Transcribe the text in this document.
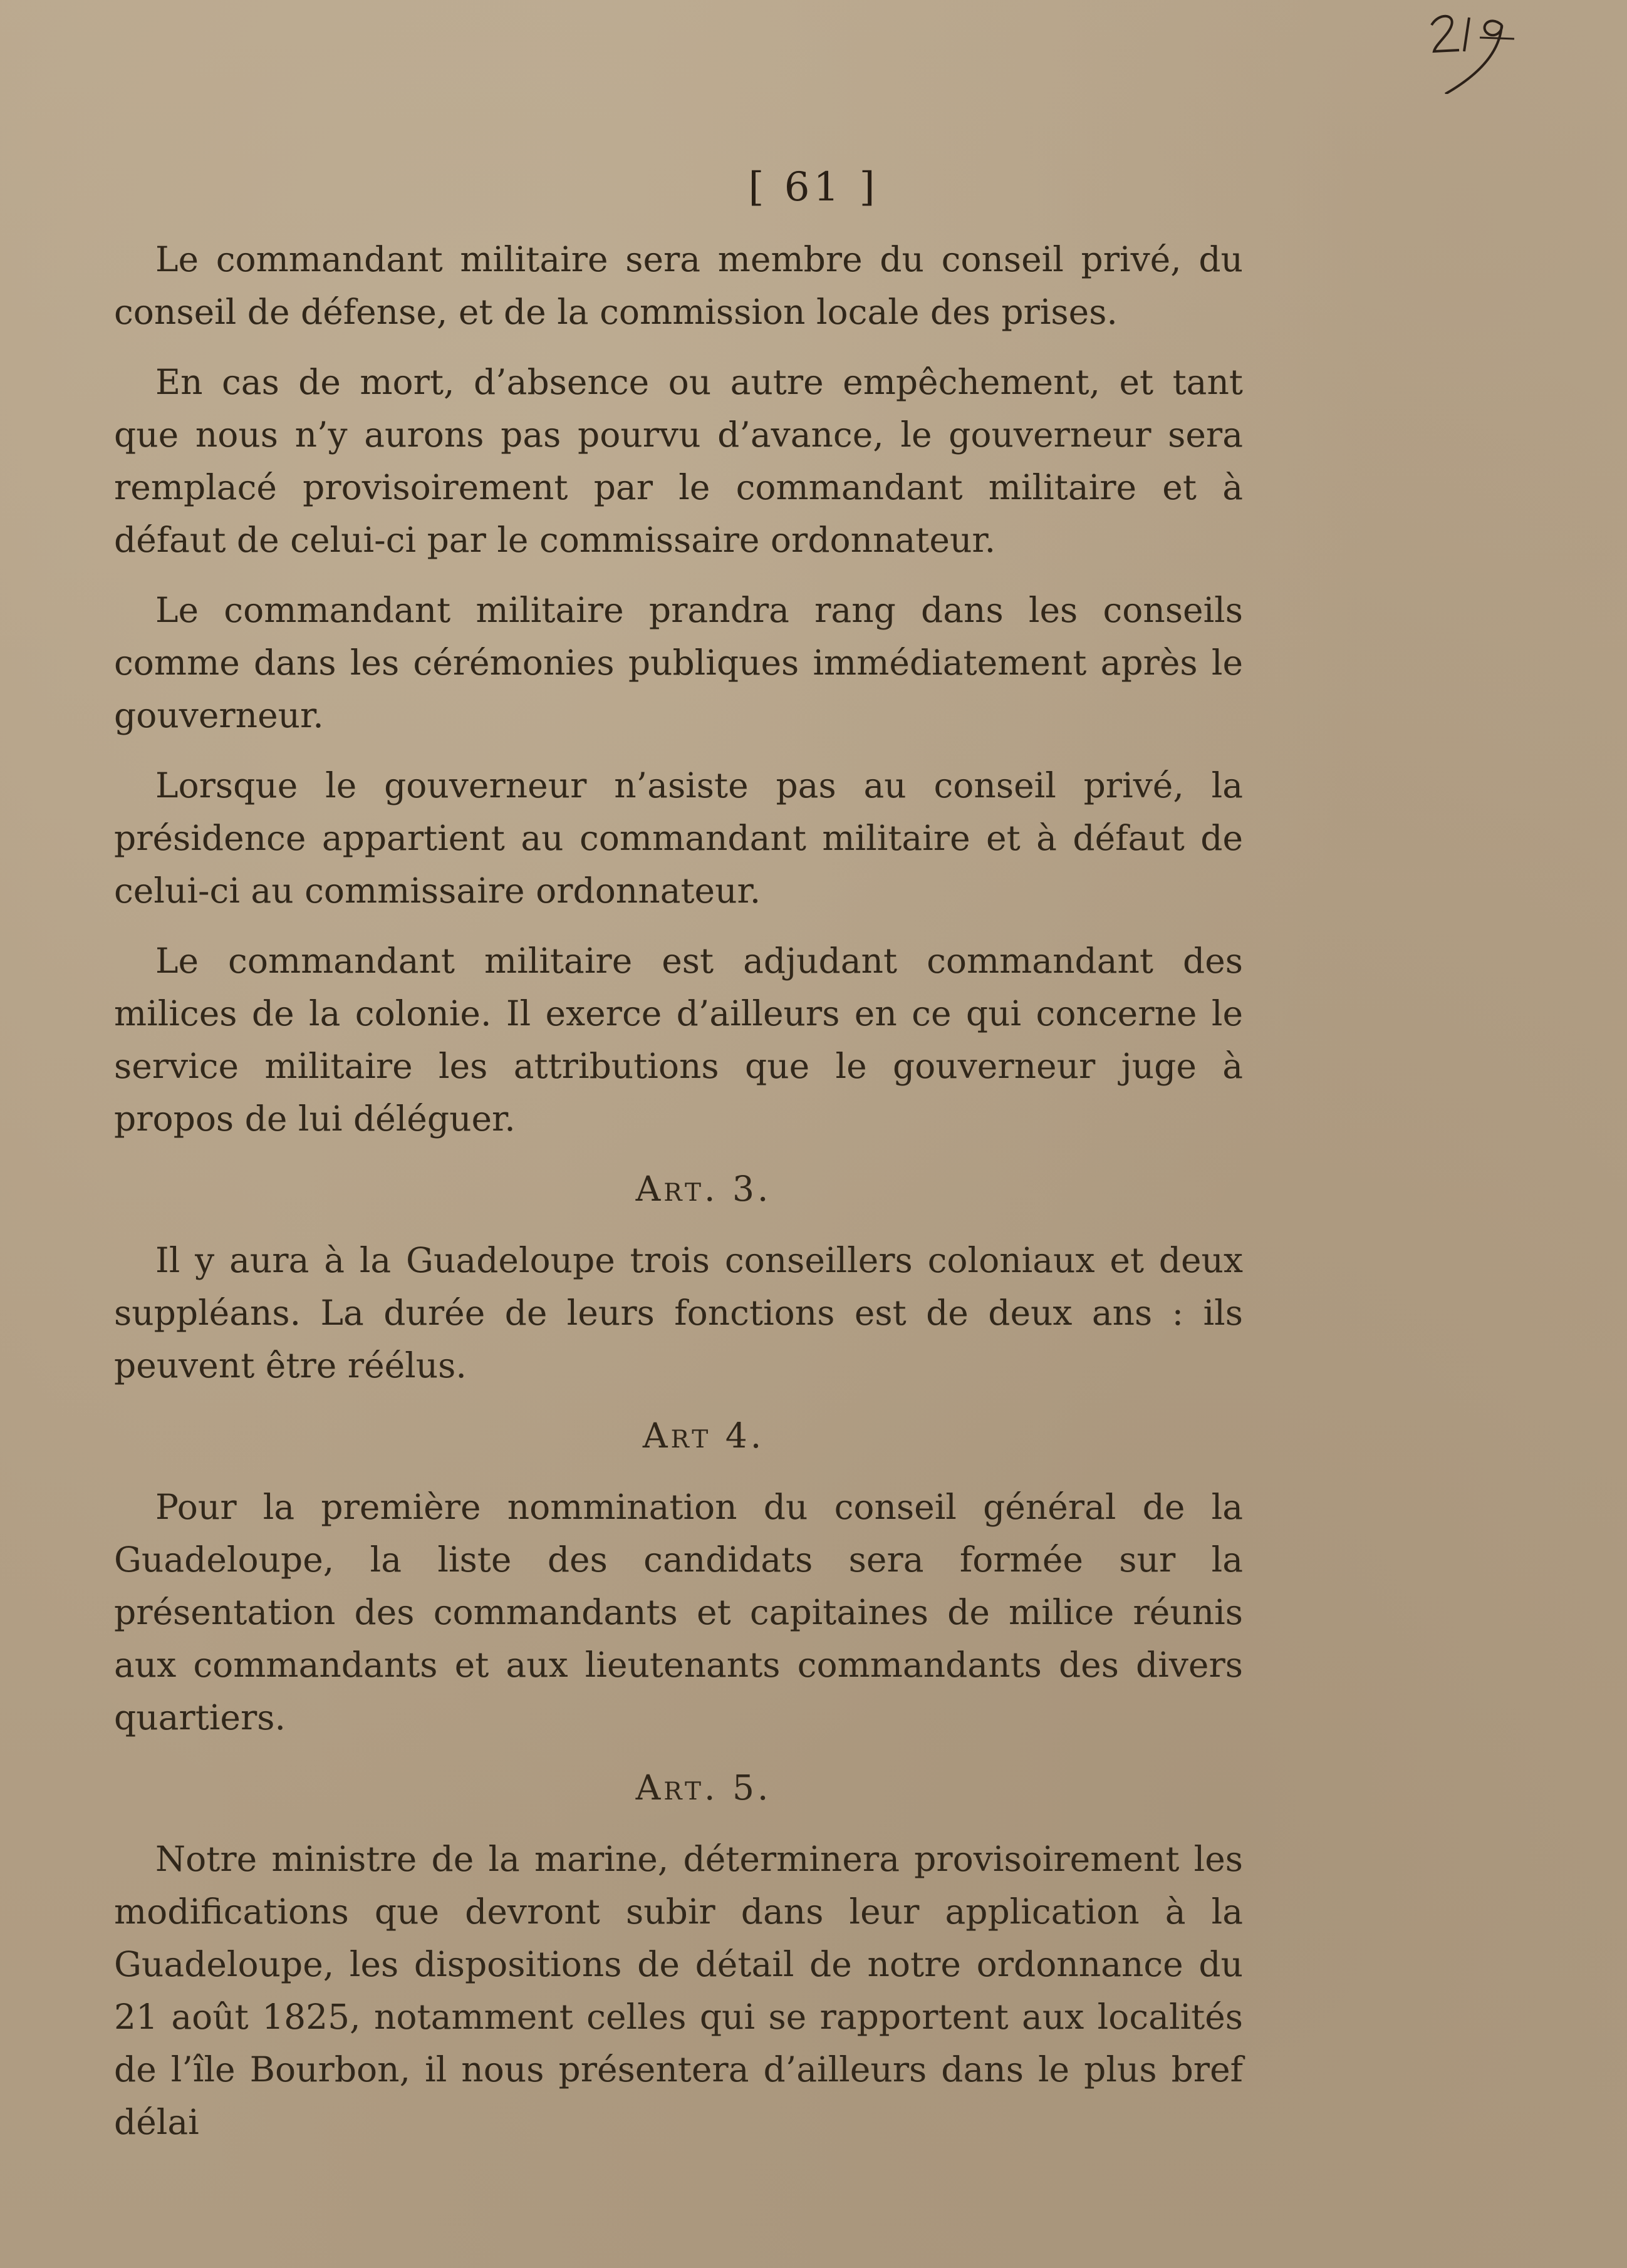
[ 61 ]

Le commandant militaire sera membre du conseil privé, du conseil de défense, et de la commission locale des prises.

En cas de mort, d’absence ou autre empêchement, et tant que nous n’y aurons pas pourvu d’avance, le gouverneur sera remplacé provisoirement par le commandant militaire et à défaut de celui-ci par le commissaire ordonnateur.

Le commandant militaire prandra rang dans les conseils comme dans les cérémonies publiques immédiatement après le gouverneur.

Lorsque le gouverneur n’asiste pas au conseil privé, la présidence appartient au commandant militaire et à défaut de celui-ci au commissaire ordonnateur.

Le commandant militaire est adjudant commandant des milices de la colonie. Il exerce d’ailleurs en ce qui concerne le service militaire les attributions que le gouverneur juge à propos de lui déléguer.

Art. 3.

Il y aura à la Guadeloupe trois conseillers coloniaux et deux suppléans. La durée de leurs fonctions est de deux ans : ils peuvent être réélus.

Art 4.

Pour la première nommination du conseil général de la Guadeloupe, la liste des candidats sera formée sur la présentation des commandants et capitaines de milice réunis aux commandants et aux lieutenants commandants des divers quartiers.

Art. 5.

Notre ministre de la marine, déterminera provisoirement les modifications que devront subir dans leur application à la Guadeloupe, les dispositions de détail de notre ordonnance du 21 août 1825, notamment celles qui se rapportent aux localités de l’île Bourbon, il nous présentera d’ailleurs dans le plus bref délai
